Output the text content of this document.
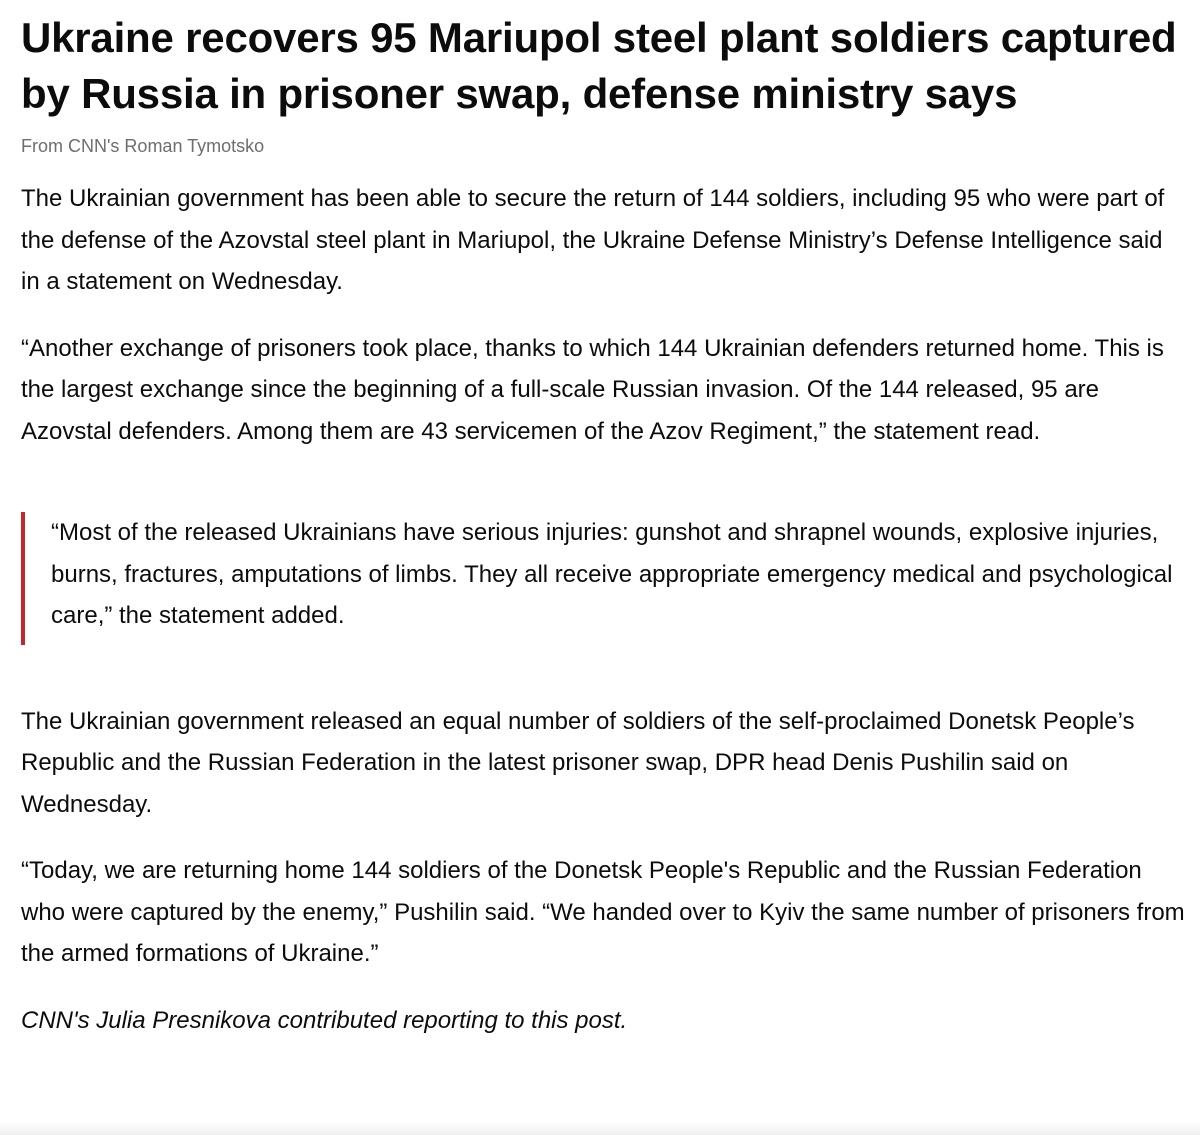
Ukraine recovers 95 Mariupol steel plant soldiers captured by Russia in prisoner swap, defense ministry says
From CNN's Roman Tymotsko

The Ukrainian government has been able to secure the return of 144 soldiers, including 95 who were part of the defense of the Azovstal steel plant in Mariupol, the Ukraine Defense Ministry’s Defense Intelligence said in a statement on Wednesday.

“Another exchange of prisoners took place, thanks to which 144 Ukrainian defenders returned home. This is the largest exchange since the beginning of a full-scale Russian invasion. Of the 144 released, 95 are Azovstal defenders. Among them are 43 servicemen of the Azov Regiment,” the statement read.

“Most of the released Ukrainians have serious injuries: gunshot and shrapnel wounds, explosive injuries, burns, fractures, amputations of limbs. They all receive appropriate emergency medical and psychological care,” the statement added.

The Ukrainian government released an equal number of soldiers of the self-proclaimed Donetsk People’s Republic and the Russian Federation in the latest prisoner swap, DPR head Denis Pushilin said on Wednesday.

“Today, we are returning home 144 soldiers of the Donetsk People's Republic and the Russian Federation who were captured by the enemy,” Pushilin said. “We handed over to Kyiv the same number of prisoners from the armed formations of Ukraine.”

CNN's Julia Presnikova contributed reporting to this post.
